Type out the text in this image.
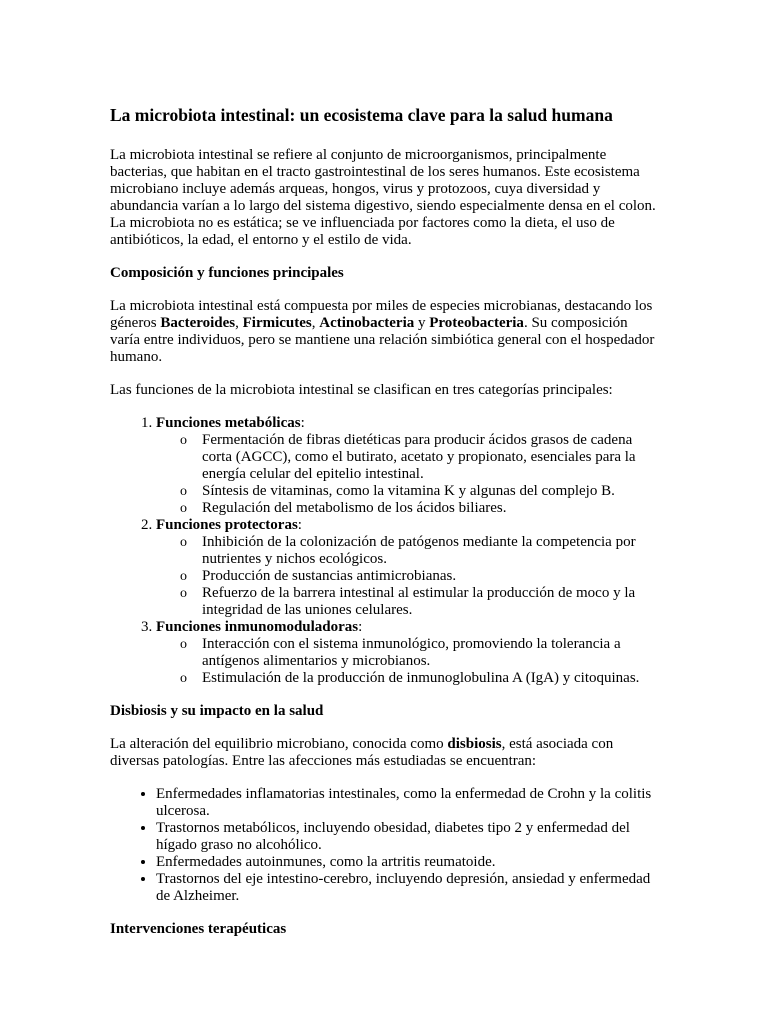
La microbiota intestinal: un ecosistema clave para la salud humana

La microbiota intestinal se refiere al conjunto de microorganismos, principalmente bacterias, que habitan en el tracto gastrointestinal de los seres humanos. Este ecosistema microbiano incluye además arqueas, hongos, virus y protozoos, cuya diversidad y abundancia varían a lo largo del sistema digestivo, siendo especialmente densa en el colon. La microbiota no es estática; se ve influenciada por factores como la dieta, el uso de antibióticos, la edad, el entorno y el estilo de vida.

Composición y funciones principales

La microbiota intestinal está compuesta por miles de especies microbianas, destacando los géneros Bacteroides, Firmicutes, Actinobacteria y Proteobacteria. Su composición varía entre individuos, pero se mantiene una relación simbiótica general con el hospedador humano.

Las funciones de la microbiota intestinal se clasifican en tres categorías principales:

1. Funciones metabólicas:
o Fermentación de fibras dietéticas para producir ácidos grasos de cadena corta (AGCC), como el butirato, acetato y propionato, esenciales para la energía celular del epitelio intestinal.
o Síntesis de vitaminas, como la vitamina K y algunas del complejo B.
o Regulación del metabolismo de los ácidos biliares.
2. Funciones protectoras:
o Inhibición de la colonización de patógenos mediante la competencia por nutrientes y nichos ecológicos.
o Producción de sustancias antimicrobianas.
o Refuerzo de la barrera intestinal al estimular la producción de moco y la integridad de las uniones celulares.
3. Funciones inmunomoduladoras:
o Interacción con el sistema inmunológico, promoviendo la tolerancia a antígenos alimentarios y microbianos.
o Estimulación de la producción de inmunoglobulina A (IgA) y citoquinas.
Disbiosis y su impacto en la salud

La alteración del equilibrio microbiano, conocida como disbiosis, está asociada con diversas patologías. Entre las afecciones más estudiadas se encuentran:

• Enfermedades inflamatorias intestinales, como la enfermedad de Crohn y la colitis ulcerosa.
• Trastornos metabólicos, incluyendo obesidad, diabetes tipo 2 y enfermedad del hígado graso no alcohólico.
• Enfermedades autoinmunes, como la artritis reumatoide.
• Trastornos del eje intestino-cerebro, incluyendo depresión, ansiedad y enfermedad de Alzheimer.
Intervenciones terapéuticas
